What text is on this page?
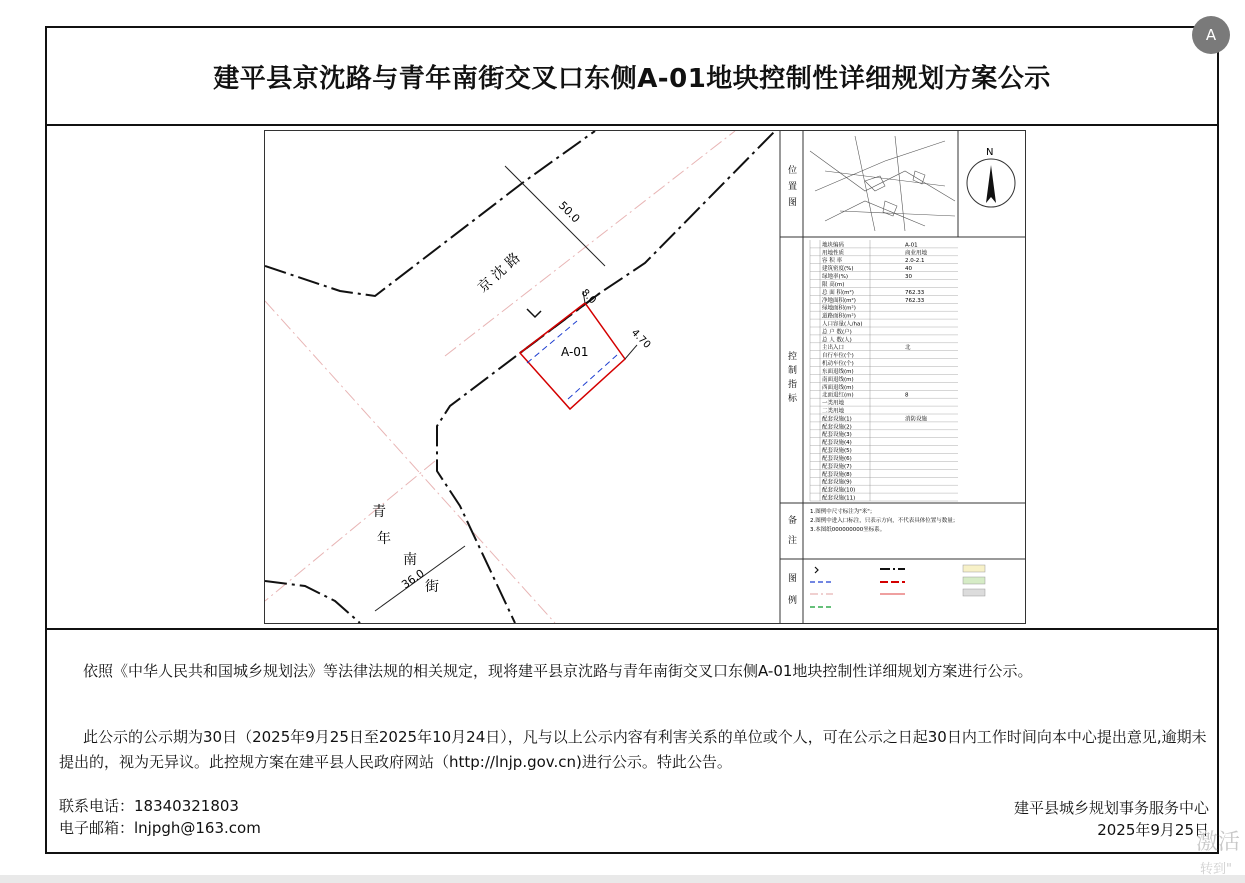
建平县京沈路与青年南街交叉口东侧A-01地块控制性详细规划方案公示
京 沈 路
50.0
8.0
4.70
A-01
青
年
南
街
36.0
N
位
置
图
控
制
指
标
备
注
图
例
地块编码	A-01
用地性质	商业用地
容 积 率	2.0-2.1
建筑密度(%)	40
绿地率(%)	30
限 高(m)
总 面 积(m²)	762.33
净地面积(m²)	762.33
绿地面积(m²)
道路面积(m²)
人口容量(人/ha)
总 户 数(户)
总 人 数(人)
主出入口	北
自行车位(个)
机动车位(个)
东面退线(m)
南面退线(m)
西面退线(m)
北面退红(m)	8
一类用地
二类用地
配套设施(1)	消防设施
配套设施(2)
配套设施(3)
配套设施(4)
配套设施(5)
配套设施(6)
配套设施(7)
配套设施(8)
配套设施(9)
配套设施(10)
配套设施(11)
1.图例中尺寸标注为"米"；
2.图例中进入口标注，只表示方向，不代表具体位置与数量；
3.本图纸000000000坐标系。
依照《中华人民共和国城乡规划法》等法律法规的相关规定，现将建平县京沈路与青年南街交叉口东侧A-01地块控制性详细规划方案进行公示。
此公示的公示期为30日（2025年9月25日至2025年10月24日），凡与以上公示内容有利害关系的单位或个人，可在公示之日起30日内工作时间向本中心提出意见,逾期未提出的，视为无异议。此控规方案在建平县人民政府网站（http://lnjp.gov.cn)进行公示。特此公告。
联系电话：18340321803
电子邮箱：lnjpgh@163.com
建平县城乡规划事务服务中心
2025年9月25日
A
激活
转到"
